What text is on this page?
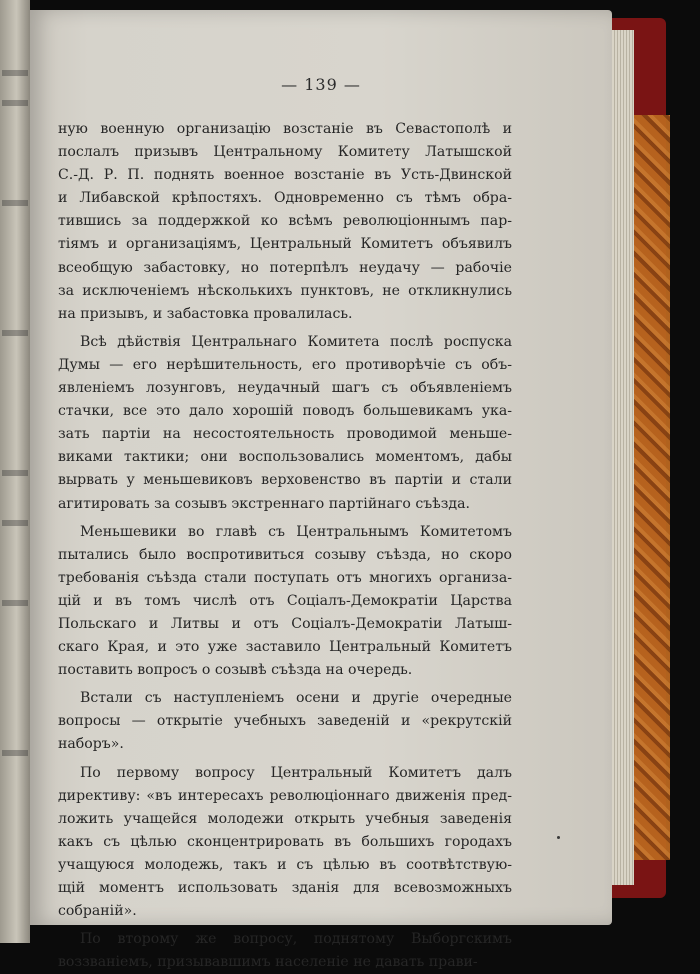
— 139 —
ную военную организацію возстаніе въ Севастополѣ и
послалъ призывъ Центральному Комитету Латышской
С.-Д. Р. П. поднять военное возстаніе въ Усть-Двинской
и Либавской крѣпостяхъ. Одновременно съ тѣмъ обра-
тившись за поддержкой ко всѣмъ революціоннымъ пар-
тіямъ и организаціямъ, Центральный Комитетъ объявилъ
всеобщую забастовку, но потерпѣлъ неудачу — рабочіе
за исключеніемъ нѣсколькихъ пунктовъ, не откликнулись
на призывъ, и забастовка провалилась.
Всѣ дѣйствія Центральнаго Комитета послѣ роспуска
Думы — его нерѣшительность, его противорѣчіе съ объ-
явленіемъ лозунговъ, неудачный шагъ съ объявленіемъ
стачки, все это дало хорошій поводъ большевикамъ ука-
зать партіи на несостоятельность проводимой меньше-
виками тактики; они воспользовались моментомъ, дабы
вырвать у меньшевиковъ верховенство въ партіи и стали
агитировать за созывъ экстреннаго партійнаго съѣзда.
Меньшевики во главѣ съ Центральнымъ Комитетомъ
пытались было воспротивиться созыву съѣзда, но скоро
требованія съѣзда стали поступать отъ многихъ организа-
цій и въ томъ числѣ отъ Соціалъ-Демократіи Царства
Польскаго и Литвы и отъ Соціалъ-Демократіи Латыш-
скаго Края, и это уже заставило Центральный Комитетъ
поставить вопросъ о созывѣ съѣзда на очередь.
Встали съ наступленіемъ осени и другіе очередные
вопросы — открытіе учебныхъ заведеній и «рекрутскій
наборъ».
По первому вопросу Центральный Комитетъ далъ
директиву: «въ интересахъ революціоннаго движенія пред-
ложить учащейся молодежи открыть учебныя заведенія
какъ съ цѣлью сконцентрировать въ большихъ городахъ
учащуюся молодежь, такъ и съ цѣлью въ соотвѣтствую-
щій моментъ использовать зданія для всевозможныхъ
собраній».
По второму же вопросу, поднятому Выборгскимъ
воззваніемъ, призывавшимъ населеніе не давать прави-
